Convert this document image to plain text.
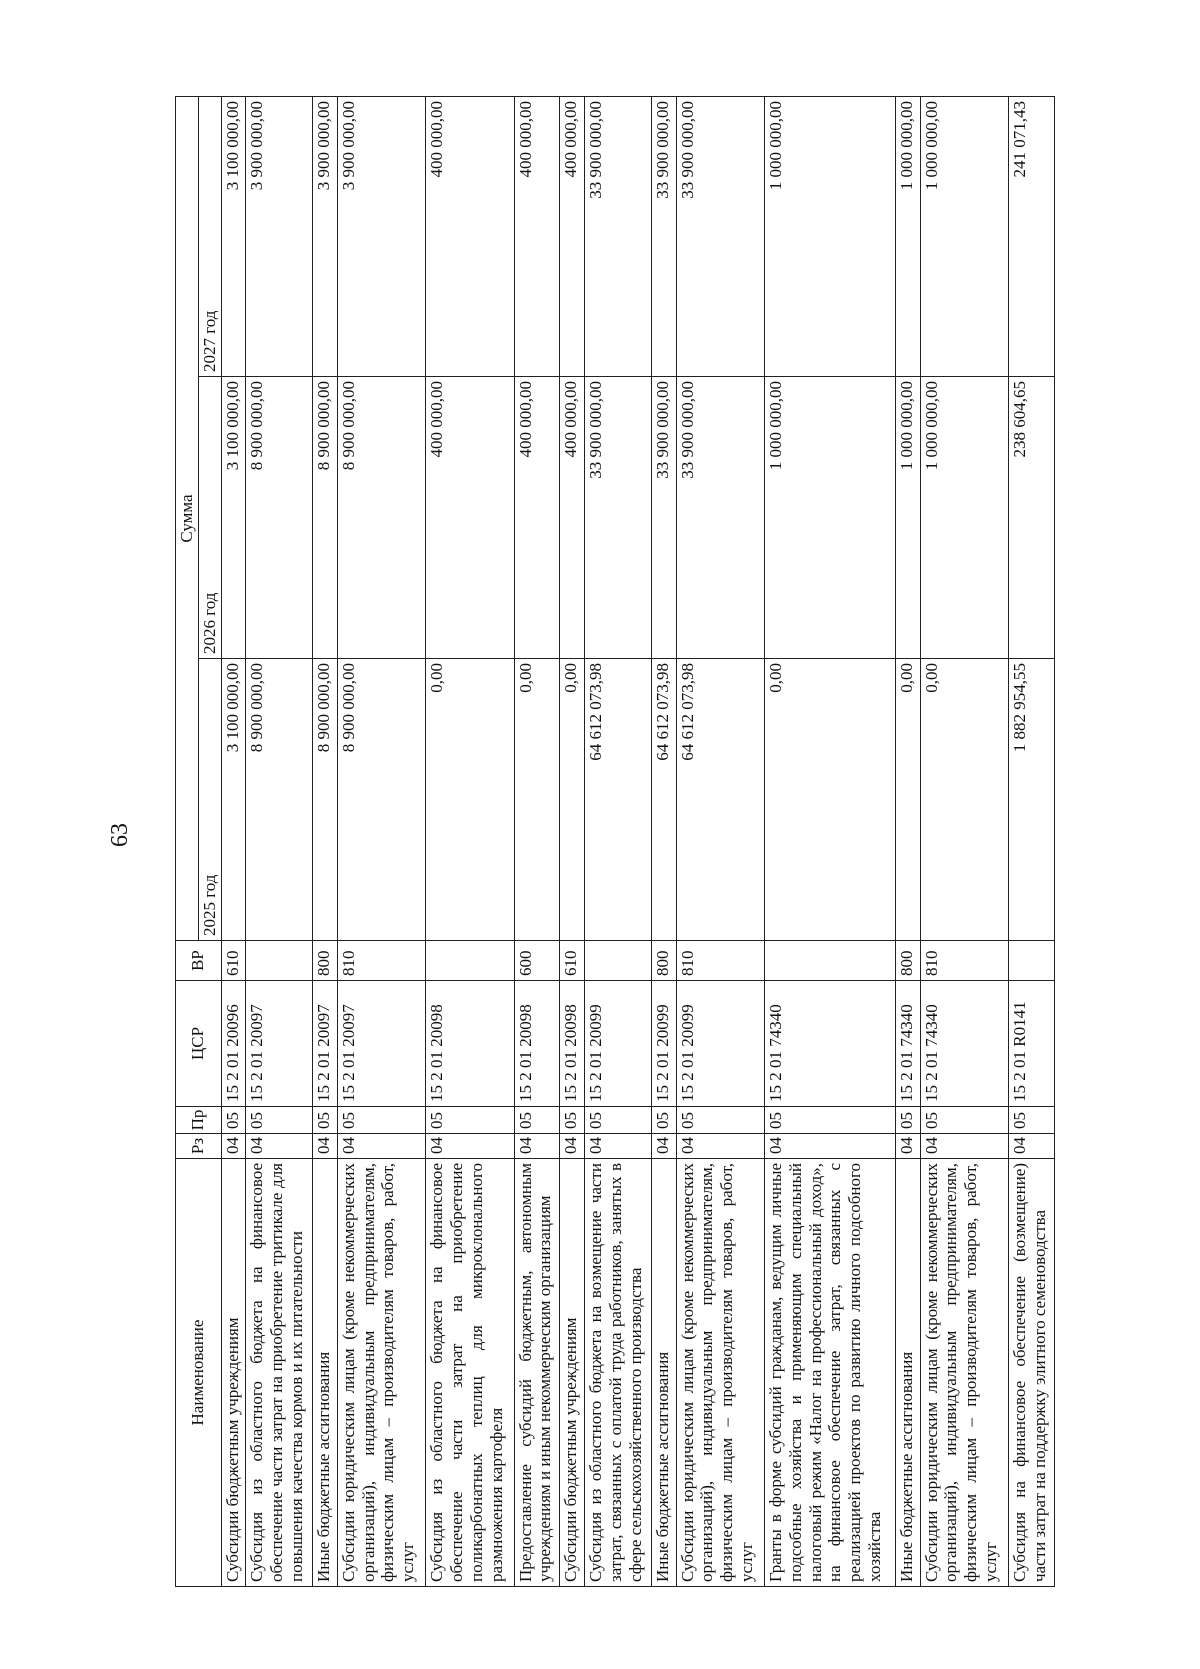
63
Наименование	Рз	Пр	ЦСР	ВР	Сумма		
					2025 год	2026 год	2027 год
Субсидии бюджетным учреждениям	04	05	15 2 01 20096	610	3 100 000,00	3 100 000,00	3 100 000,00
Субсидия из областного бюджета на финансовое обеспечение части затрат на приобретение тритикале для повышения качества кормов и их питательности	04	05	15 2 01 20097		8 900 000,00	8 900 000,00	3 900 000,00
Иные бюджетные ассигнования	04	05	15 2 01 20097	800	8 900 000,00	8 900 000,00	3 900 000,00
Субсидии юридическим лицам (кроме некоммерческих организаций), индивидуальным предпринимателям, физическим лицам – производителям товаров, работ, услуг	04	05	15 2 01 20097	810	8 900 000,00	8 900 000,00	3 900 000,00
Субсидия из областного бюджета на финансовое обеспечение части затрат на приобретение поликарбонатных теплиц для микроклонального размножения картофеля	04	05	15 2 01 20098		0,00	400 000,00	400 000,00
Предоставление субсидий бюджетным, автономным учреждениям и иным некоммерческим организациям	04	05	15 2 01 20098	600	0,00	400 000,00	400 000,00
Субсидии бюджетным учреждениям	04	05	15 2 01 20098	610	0,00	400 000,00	400 000,00
Субсидия из областного бюджета на возмещение части затрат, связанных с оплатой труда работников, занятых в сфере сельскохозяйственного производства	04	05	15 2 01 20099		64 612 073,98	33 900 000,00	33 900 000,00
Иные бюджетные ассигнования	04	05	15 2 01 20099	800	64 612 073,98	33 900 000,00	33 900 000,00
Субсидии юридическим лицам (кроме некоммерческих организаций), индивидуальным предпринимателям, физическим лицам – производителям товаров, работ, услуг	04	05	15 2 01 20099	810	64 612 073,98	33 900 000,00	33 900 000,00
Гранты в форме субсидий гражданам, ведущим личные подсобные хозяйства и применяющим специальный налоговый режим «Налог на профессиональный доход», на финансовое обеспечение затрат, связанных с реализацией проектов по развитию личного подсобного хозяйства	04	05	15 2 01 74340		0,00	1 000 000,00	1 000 000,00
Иные бюджетные ассигнования	04	05	15 2 01 74340	800	0,00	1 000 000,00	1 000 000,00
Субсидии юридическим лицам (кроме некоммерческих организаций), индивидуальным предпринимателям, физическим лицам – производителям товаров, работ, услуг	04	05	15 2 01 74340	810	0,00	1 000 000,00	1 000 000,00
Субсидия на финансовое обеспечение (возмещение) части затрат на поддержку элитного семеноводства	04	05	15 2 01 R0141		1 882 954,55	238 604,65	241 071,43
